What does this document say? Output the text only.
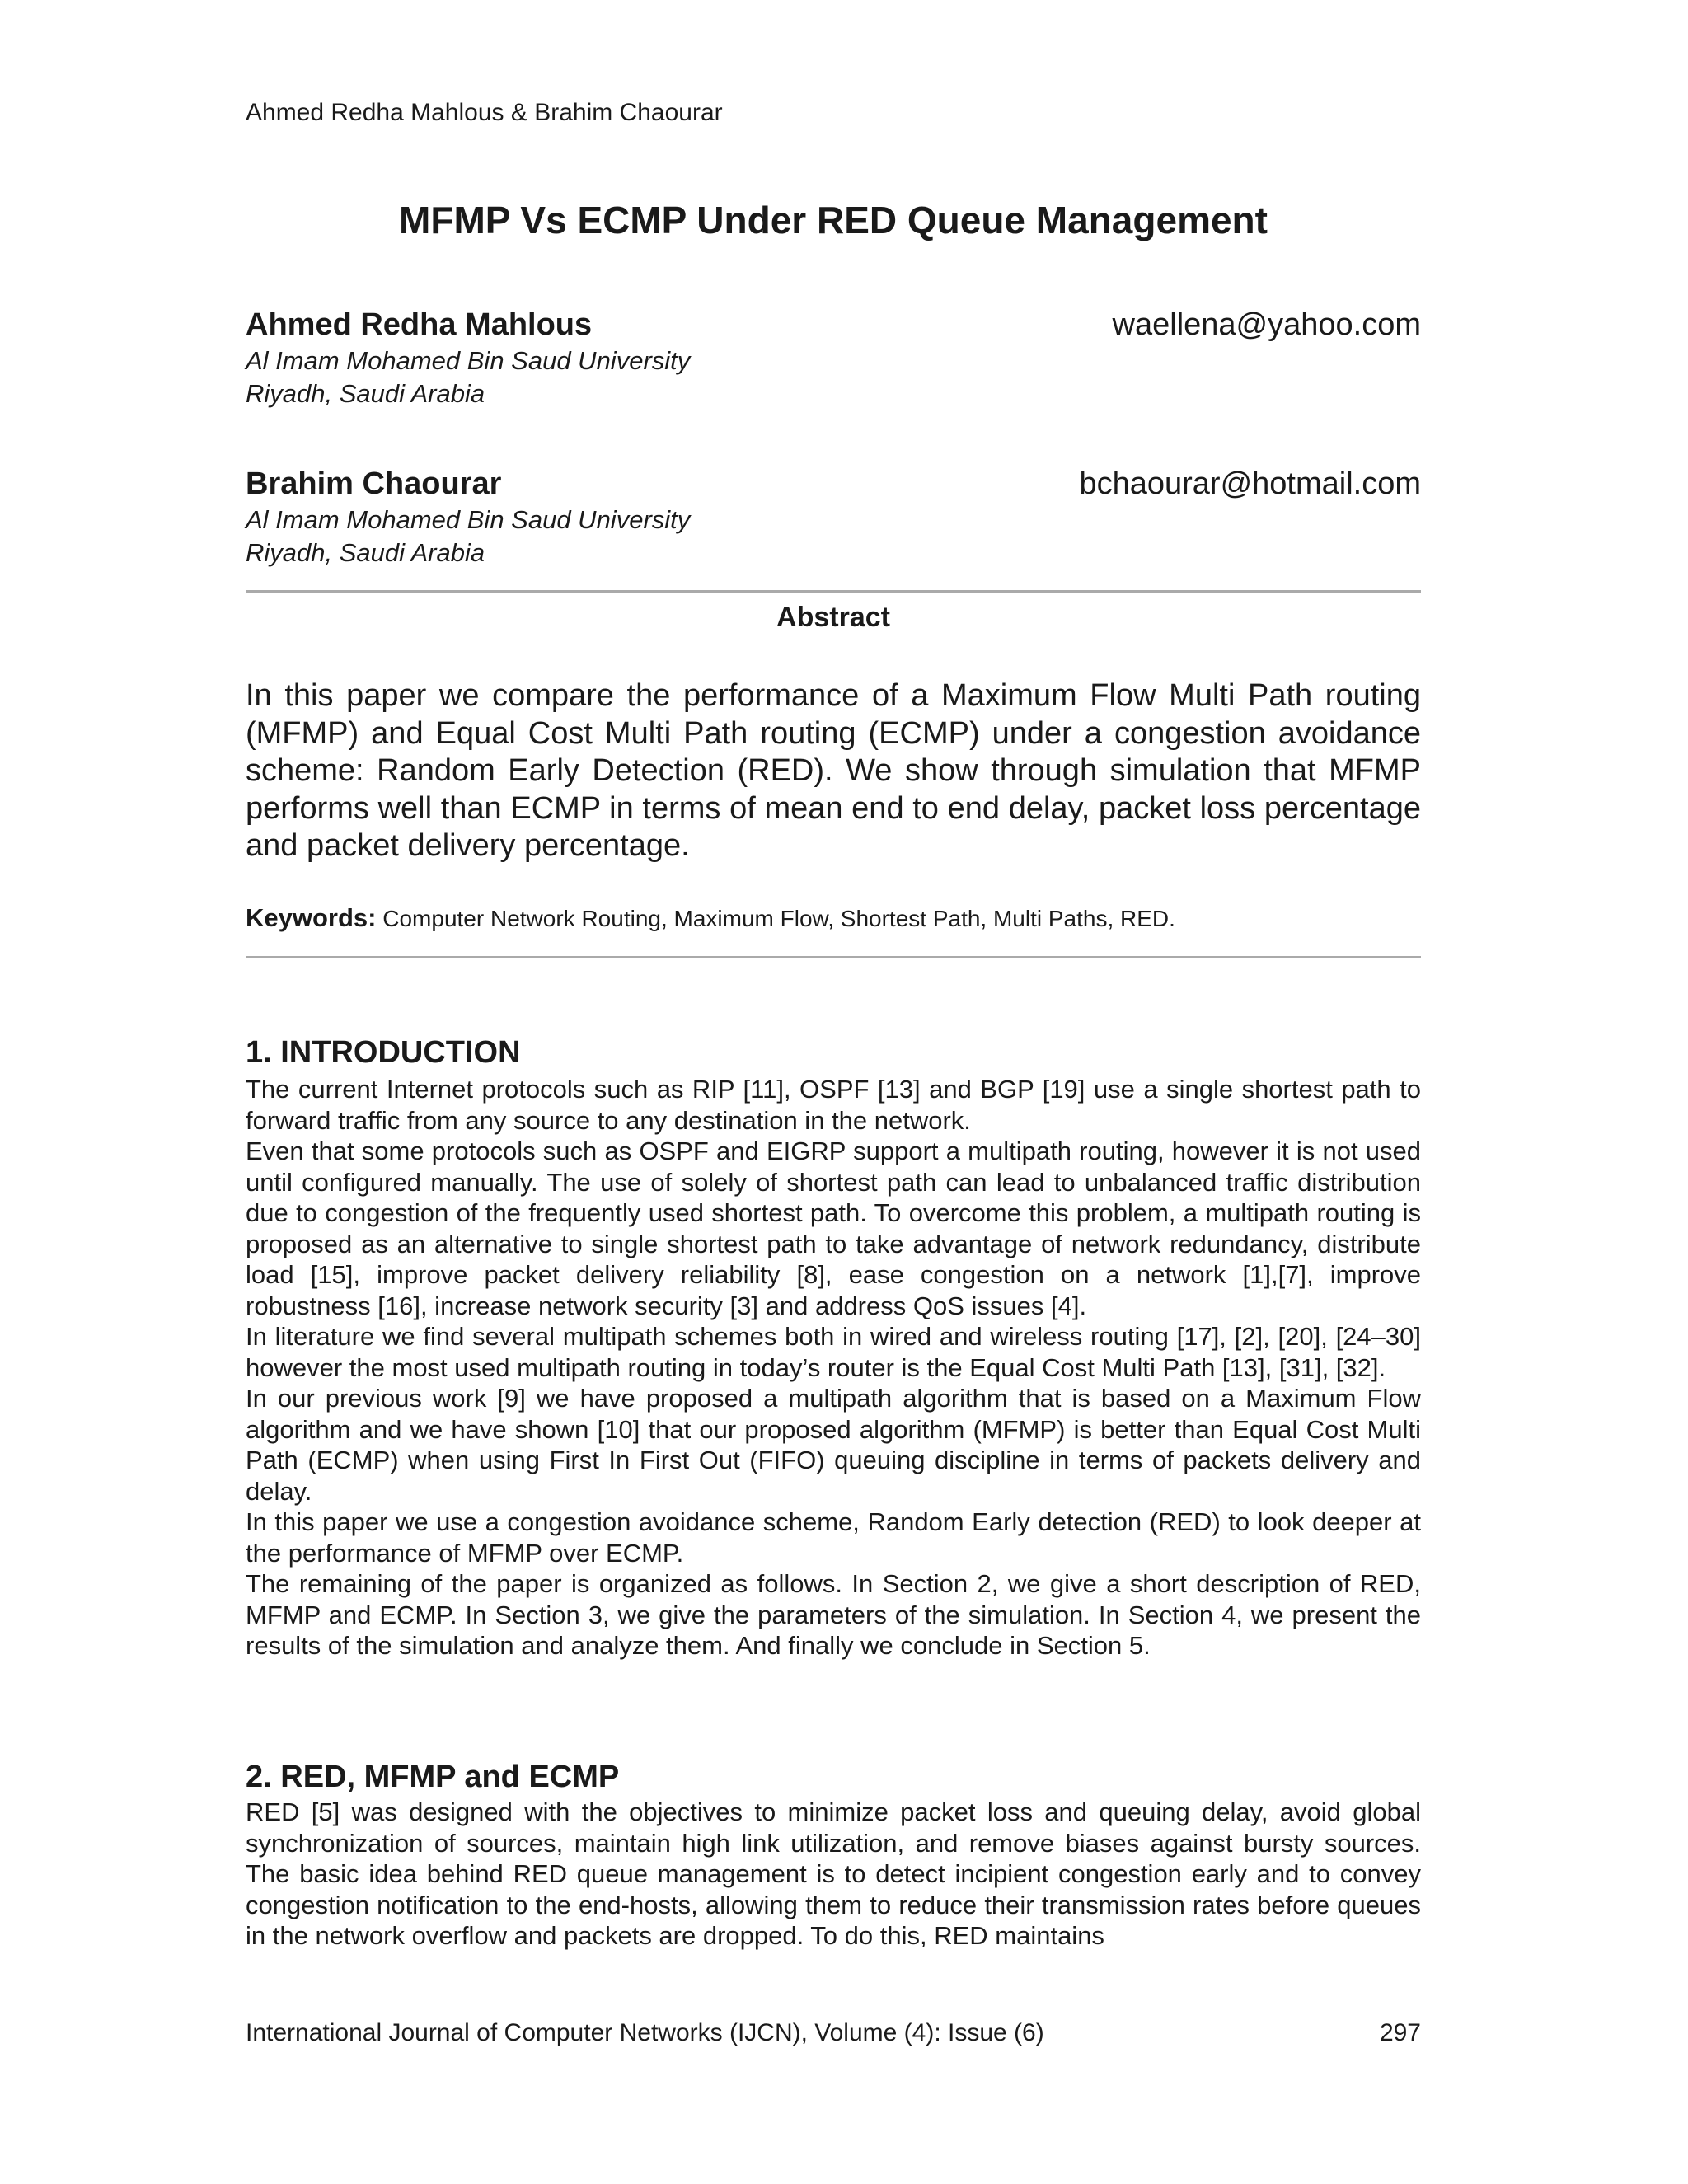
Ahmed Redha Mahlous & Brahim Chaourar
MFMP Vs ECMP Under RED Queue Management
Ahmed Redha Mahlous	waellena@yahoo.com
Al Imam Mohamed Bin Saud University
Riyadh, Saudi Arabia
Brahim Chaourar	bchaourar@hotmail.com
Al Imam Mohamed Bin Saud University
Riyadh, Saudi Arabia
Abstract
In this paper we compare the performance of a Maximum Flow Multi Path routing (MFMP) and Equal Cost Multi Path routing (ECMP) under a congestion avoidance scheme: Random Early Detection (RED). We show through simulation that MFMP performs well than ECMP in terms of mean end to end delay, packet loss percentage and packet delivery percentage.
Keywords: Computer Network Routing, Maximum Flow, Shortest Path, Multi Paths, RED.
1. INTRODUCTION

The current Internet protocols such as RIP [11], OSPF [13] and BGP [19] use a single shortest path to forward traffic from any source to any destination in the network.

Even that some protocols such as OSPF and EIGRP support a multipath routing, however it is not used until configured manually. The use of solely of shortest path can lead to unbalanced traffic distribution due to congestion of the frequently used shortest path. To overcome this problem, a multipath routing is proposed as an alternative to single shortest path to take advantage of network redundancy, distribute load [15], improve packet delivery reliability [8], ease congestion on a network [1],[7], improve robustness [16], increase network security [3] and address QoS issues [4].

In literature we find several multipath schemes both in wired and wireless routing [17], [2], [20], [24–30] however the most used multipath routing in today’s router is the Equal Cost Multi Path [13], [31], [32].

In our previous work [9] we have proposed a multipath algorithm that is based on a Maximum Flow algorithm and we have shown [10] that our proposed algorithm (MFMP) is better than Equal Cost Multi Path (ECMP) when using First In First Out (FIFO) queuing discipline in terms of packets delivery and delay.

In this paper we use a congestion avoidance scheme, Random Early detection (RED) to look deeper at the performance of MFMP over ECMP.

The remaining of the paper is organized as follows. In Section 2, we give a short description of RED, MFMP and ECMP. In Section 3, we give the parameters of the simulation. In Section 4, we present the results of the simulation and analyze them. And finally we conclude in Section 5.

2. RED, MFMP and ECMP

RED [5] was designed with the objectives to minimize packet loss and queuing delay, avoid global synchronization of sources, maintain high link utilization, and remove biases against bursty sources. The basic idea behind RED queue management is to detect incipient congestion early and to convey congestion notification to the end-hosts, allowing them to reduce their transmission rates before queues in the network overflow and packets are dropped. To do this, RED maintains

International Journal of Computer Networks (IJCN), Volume (4): Issue (6)	297
